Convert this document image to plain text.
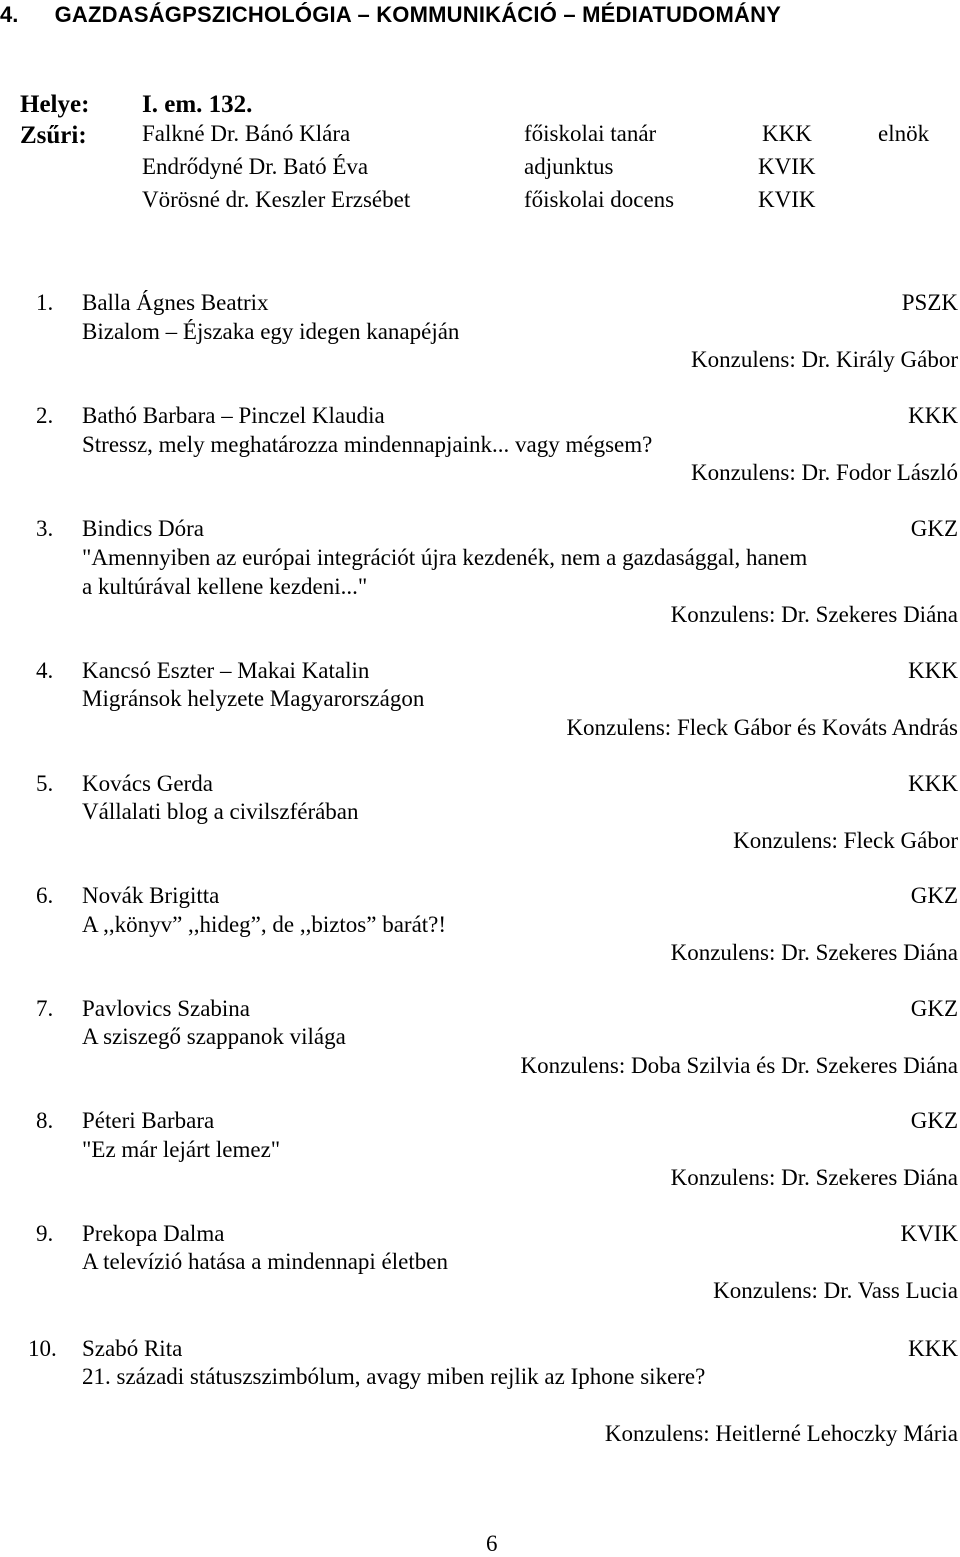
4. GAZDASÁGPSZICHOLÓGIA – KOMMUNIKÁCIÓ – MÉDIATUDOMÁNY
Helye: I. em. 132.
Zsűri: Falkné Dr. Bánó Klára	főiskolai tanár	KKK	elnök
Endrődyné Dr. Bató Éva	adjunktus	KVIK
Vörösné dr. Keszler Erzsébet	főiskolai docens	KVIK
1. Balla Ágnes Beatrix	PSZK
Bizalom – Éjszaka egy idegen kanapéján
Konzulens: Dr. Király Gábor
2. Bathó Barbara – Pinczel Klaudia	KKK
Stressz, mely meghatározza mindennapjaink... vagy mégsem?
Konzulens: Dr. Fodor László
3. Bindics Dóra	GKZ
"Amennyiben az európai integrációt újra kezdenék, nem a gazdasággal, hanem
a kultúrával kellene kezdeni..."
Konzulens: Dr. Szekeres Diána
4. Kancsó Eszter – Makai Katalin	KKK
Migránsok helyzete Magyarországon
Konzulens: Fleck Gábor és Kováts András
5. Kovács Gerda	KKK
Vállalati blog a civilszférában
Konzulens: Fleck Gábor
6. Novák Brigitta	GKZ
A ,,könyv” ,,hideg”, de ,,biztos” barát?!
Konzulens: Dr. Szekeres Diána
7. Pavlovics Szabina	GKZ
A sziszegő szappanok világa
Konzulens: Doba Szilvia és Dr. Szekeres Diána
8. Péteri Barbara	GKZ
"Ez már lejárt lemez"
Konzulens: Dr. Szekeres Diána
9. Prekopa Dalma	KVIK
A televízió hatása a mindennapi életben
Konzulens: Dr. Vass Lucia
10. Szabó Rita	KKK
21. századi státuszszimbólum, avagy miben rejlik az Iphone sikere?
Konzulens: Heitlerné Lehoczky Mária
6
